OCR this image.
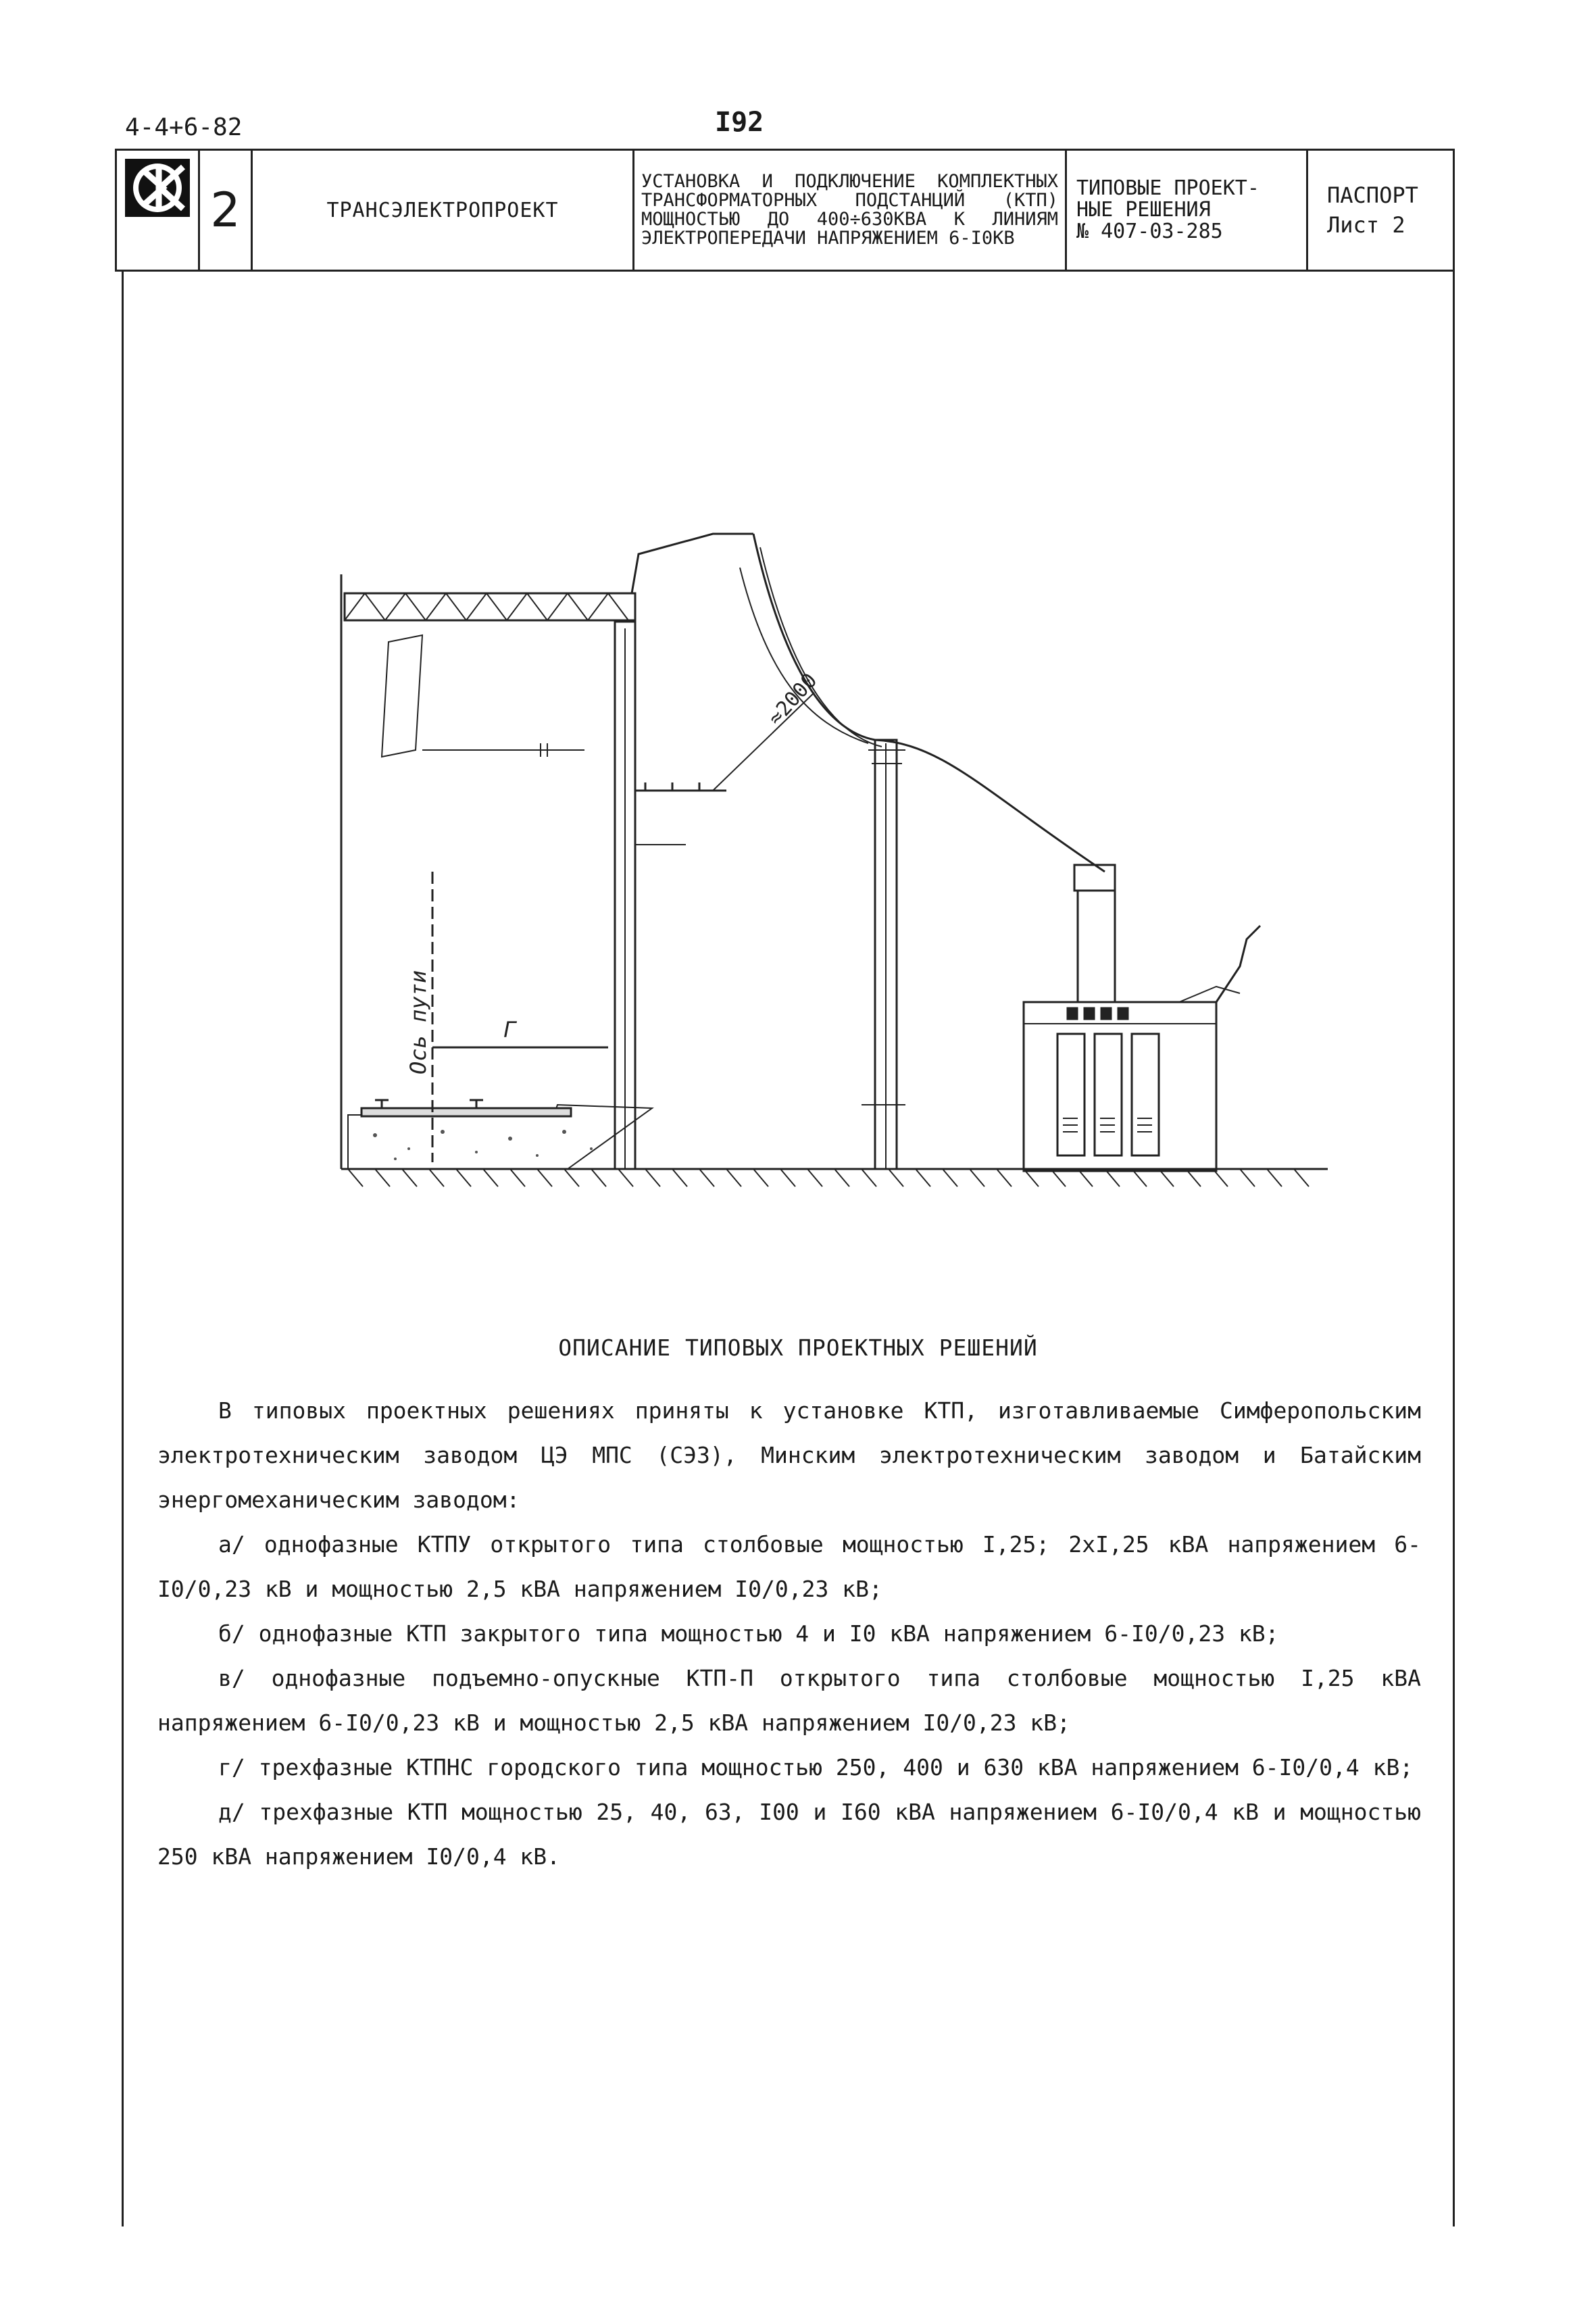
4-4+6-82	I92
2	ТРАНСЭЛЕКТРОПРОЕКТ
УСТАНОВКА И ПОДКЛЮЧЕНИЕ КОМПЛЕКТНЫХ ТРАНСФОРМАТОРНЫХ ПОДСТАНЦИЙ (КТП) МОЩНОСТЬЮ ДО 400÷630КВА К ЛИНИЯМ ЭЛЕКТРОПЕРЕДАЧИ НАПРЯЖЕНИЕМ 6-I0КВ
ТИПОВЫЕ ПРОЕКТ-
НЫЕ РЕШЕНИЯ
№ 407-03-285
ПАСПОРТ
Лист 2
≈2000
Ось пути	Г
ОПИСАНИЕ ТИПОВЫХ ПРОЕКТНЫХ РЕШЕНИЙ

В типовых проектных решениях приняты к установке КТП, изготавливаемые Симферопольским электротехническим заводом ЦЭ МПС (СЭЗ), Минским электротехническим заводом и Батайским энергомеханическим заводом:

а/ однофазные КТПУ открытого типа столбовые мощностью I,25; 2хI,25 кВА напряжением 6-I0/0,23 кВ и мощностью 2,5 кВА напряжением I0/0,23 кВ;

б/ однофазные КТП закрытого типа мощностью 4 и I0 кВА напряжением 6-I0/0,23 кВ;

в/ однофазные подъемно-опускные КТП-П открытого типа столбовые мощностью I,25 кВА напряжением 6-I0/0,23 кВ и мощностью 2,5 кВА напряжением I0/0,23 кВ;

г/ трехфазные КТПНС городского типа мощностью 250, 400 и 630 кВА напряжением 6-I0/0,4 кВ;

д/ трехфазные КТП мощностью 25, 40, 63, I00 и I60 кВА напряжением 6-I0/0,4 кВ и мощностью 250 кВА напряжением I0/0,4 кВ.
